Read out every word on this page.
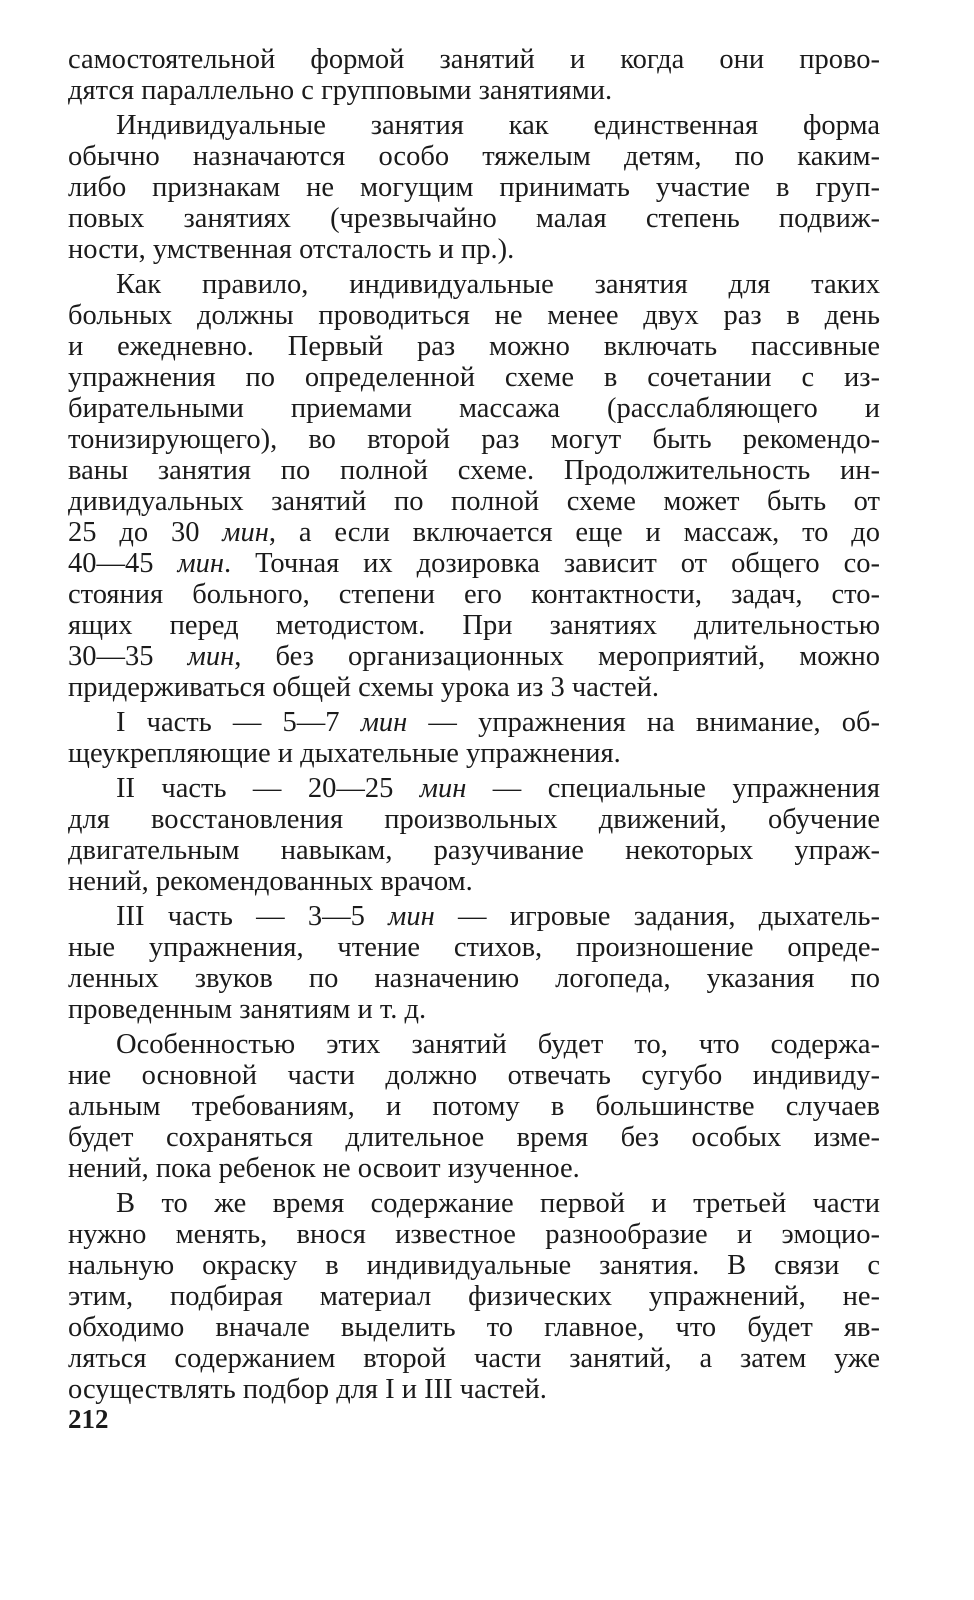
самостоятельной формой занятий и когда они прово-
дятся параллельно с групповыми занятиями.
Индивидуальные занятия как единственная форма
обычно назначаются особо тяжелым детям, по каким-
либо признакам не могущим принимать участие в груп-
повых занятиях (чрезвычайно малая степень подвиж-
ности, умственная отсталость и пр.).
Как правило, индивидуальные занятия для таких
больных должны проводиться не менее двух раз в день
и ежедневно. Первый раз можно включать пассивные
упражнения по определенной схеме в сочетании с из-
бирательными приемами массажа (расслабляющего и
тонизирующего), во второй раз могут быть рекомендо-
ваны занятия по полной схеме. Продолжительность ин-
дивидуальных занятий по полной схеме может быть от
25 до 30 мин, а если включается еще и массаж, то до
40—45 мин. Точная их дозировка зависит от общего со-
стояния больного, степени его контактности, задач, сто-
ящих перед методистом. При занятиях длительностью
30—35 мин, без организационных мероприятий, можно
придерживаться общей схемы урока из 3 частей.
I часть — 5—7 мин — упражнения на внимание, об-
щеукрепляющие и дыхательные упражнения.
II часть — 20—25 мин — специальные упражнения
для восстановления произвольных движений, обучение
двигательным навыкам, разучивание некоторых упраж-
нений, рекомендованных врачом.
III часть — 3—5 мин — игровые задания, дыхатель-
ные упражнения, чтение стихов, произношение опреде-
ленных звуков по назначению логопеда, указания по
проведенным занятиям и т. д.
Особенностью этих занятий будет то, что содержа-
ние основной части должно отвечать сугубо индивиду-
альным требованиям, и потому в большинстве случаев
будет сохраняться длительное время без особых изме-
нений, пока ребенок не освоит изученное.
В то же время содержание первой и третьей части
нужно менять, внося известное разнообразие и эмоцио-
нальную окраску в индивидуальные занятия. В связи с
этим, подбирая материал физических упражнений, не-
обходимо вначале выделить то главное, что будет яв-
ляться содержанием второй части занятий, а затем уже
осуществлять подбор для I и III частей.
212
